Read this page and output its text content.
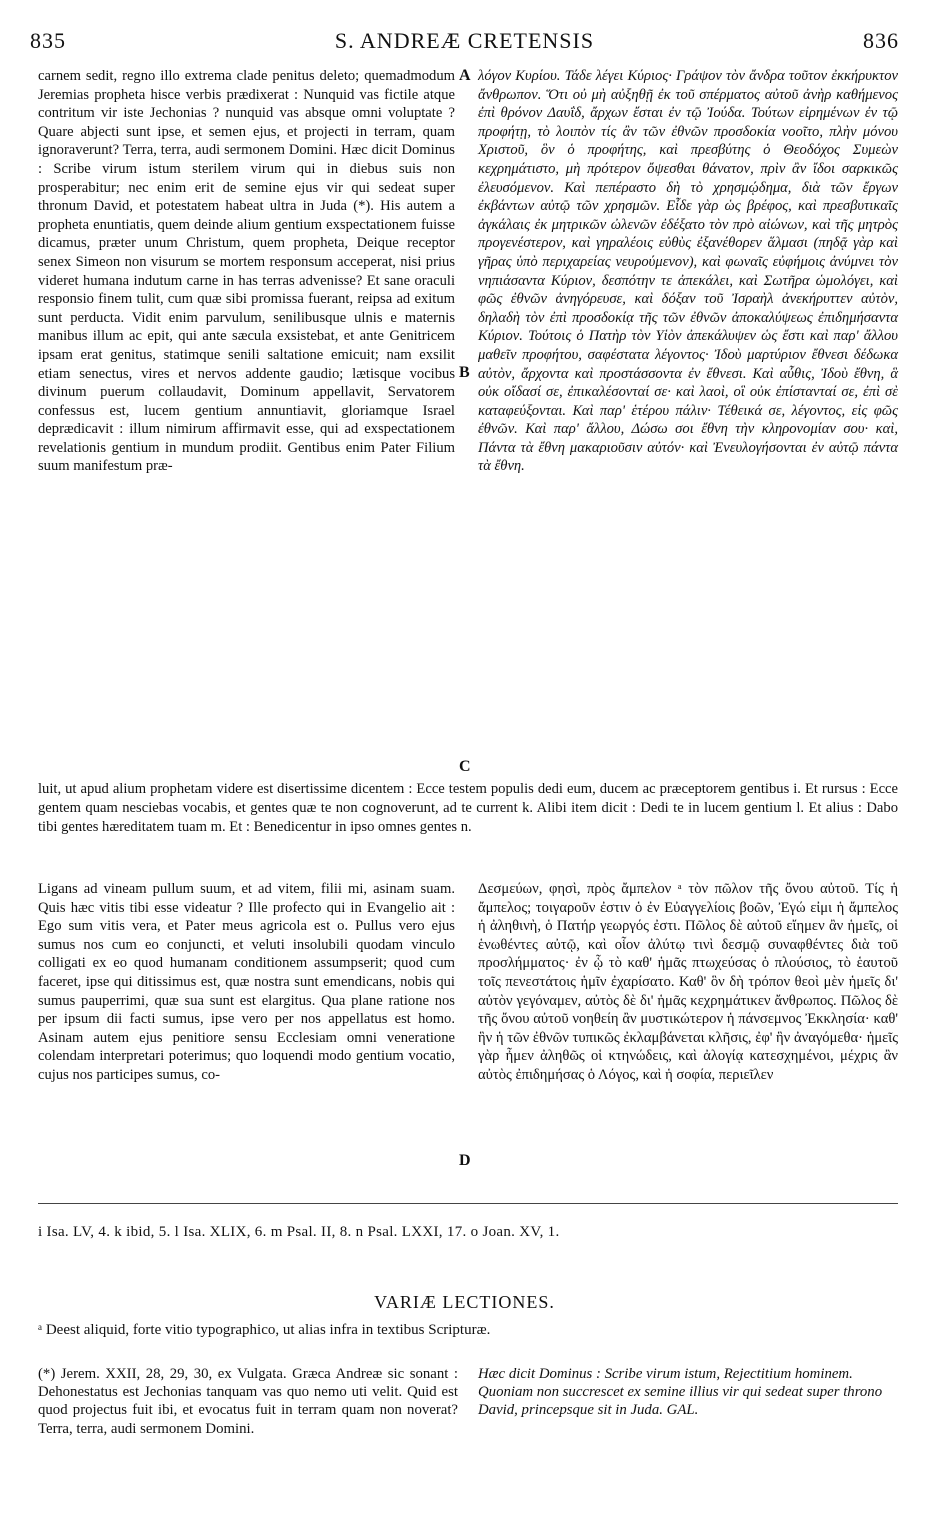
835	S. ANDREÆ CRETENSIS	836

carnem sedit, regno illo extrema clade penitus deleto; quemadmodum Jeremias propheta hisce verbis prædixerat : Nunquid vas fictile atque contritum vir iste Jechonias ? nunquid vas absque omni voluptate ? Quare abjecti sunt ipse, et semen ejus, et projecti in terram, quam ignoraverunt? Terra, terra, audi sermonem Domini. Hæc dicit Dominus : Scribe virum istum sterilem virum qui in diebus suis non prosperabitur; nec enim erit de semine ejus vir qui sedeat super thronum David, et potestatem habeat ultra in Juda (*). His autem a propheta enuntiatis, quem deinde alium gentium exspectationem fuisse dicamus, præter unum Christum, quem propheta, Deique receptor senex Simeon non visurum se mortem responsum acceperat, nisi prius videret humana indutum carne in has terras advenisse? Et sane oraculi responsio finem tulit, cum quæ sibi promissa fuerant, reipsa ad exitum sunt perducta. Vidit enim parvulum, senilibusque ulnis e maternis manibus illum ac epit, qui ante sæcula exsistebat, et ante Genitricem ipsam erat genitus, statimque senili saltatione emicuit; nam exsilit etiam senectus, vires et nervos addente gaudio; lætisque vocibus divinum puerum collaudavit, Dominum appellavit, Servatorem confessus est, lucem gentium annuntiavit, gloriamque Israel deprædicavit : illum nimirum affirmavit esse, qui ad exspectationem revelationis gentium in mundum prodiit. Gentibus enim Pater Filium suum manifestum præ-

λόγον Κυρίου. Τάδε λέγει Κύριος· Γράψον τὸν ἄνδρα τοῦτον ἐκκήρυκτον ἄνθρωπον. Ὅτι οὐ μὴ αὐξηθῇ ἐκ τοῦ σπέρματος αὐτοῦ ἀνὴρ καθήμενος ἐπὶ θρόνον Δαυΐδ, ἄρχων ἔσται ἐν τῷ Ἰούδα. Τούτων εἰρημένων ἐν τῷ προφήτῃ, τὸ λοιπὸν τίς ἂν τῶν ἐθνῶν προσδοκία νοοῖτο, πλὴν μόνου Χριστοῦ, ὃν ὁ προφήτης, καὶ πρεσβύτης ὁ Θεοδόχος Συμεὼν κεχρημάτιστο, μὴ πρότερον ὄψεσθαι θάνατον, πρὶν ἂν ἴδοι σαρκικῶς ἐλευσόμενον. Καὶ πεπέραστο δὴ τὸ χρησμῴδημα, διὰ τῶν ἔργων ἐκβάντων αὐτῷ τῶν χρησμῶν. Εἶδε γὰρ ὡς βρέφος, καὶ πρεσβυτικαῖς ἀγκάλαις ἐκ μητρικῶν ὠλενῶν ἐδέξατο τὸν πρὸ αἰώνων, καὶ τῆς μητρὸς προγενέστερον, καὶ γηραλέοις εὐθὺς ἐξανέθορεν ἅλμασι (πηδᾷ γὰρ καὶ γῆρας ὑπὸ περιχαρείας νευρούμενον), καὶ φωναῖς εὐφήμοις ἀνύμνει τὸν νηπιάσαντα Κύριον, δεσπότην τε ἀπεκάλει, καὶ Σωτῆρα ὡμολόγει, καὶ φῶς ἐθνῶν ἀνηγόρευσε, καὶ δόξαν τοῦ Ἰσραὴλ ἀνεκήρυττεν αὐτὸν, δηλαδὴ τὸν ἐπὶ προσδοκίᾳ τῆς τῶν ἐθνῶν ἀποκαλύψεως ἐπιδημήσαντα Κύριον. Τούτοις ὁ Πατὴρ τὸν Υἱὸν ἀπεκάλυψεν ὡς ἔστι καὶ παρ' ἄλλου μαθεῖν προφήτου, σαφέστατα λέγοντος· Ἰδοὺ μαρτύριον ἔθνεσι δέδωκα αὐτὸν, ἄρχοντα καὶ προστάσσοντα ἐν ἔθνεσι. Καὶ αὖθις, Ἰδοὺ ἔθνη, ἃ οὐκ οἴδασί σε, ἐπικαλέσονταί σε· καὶ λαοὶ, οἳ οὐκ ἐπίστανταί σε, ἐπὶ σὲ καταφεύξονται. Καὶ παρ' ἑτέρου πάλιν· Τέθεικά σε, λέγοντος, εἰς φῶς ἐθνῶν. Καὶ παρ' ἄλλου, Δώσω σοι ἔθνη τὴν κληρονομίαν σου· καὶ, Πάντα τὰ ἔθνη μακαριοῦσιν αὐτόν· καὶ Ἐνευλογήσονται ἐν αὐτῷ πάντα τὰ ἔθνη.

A
B
C
D
luit, ut apud alium prophetam videre est disertissime dicentem : Ecce testem populis dedi eum, ducem ac præceptorem gentibus i. Et rursus : Ecce gentem quam nesciebas vocabis, et gentes quæ te non cognoverunt, ad te current k. Alibi item dicit : Dedi te in lucem gentium l. Et alius : Dabo tibi gentes hæreditatem tuam m. Et : Benedicentur in ipso omnes gentes n.

Ligans ad vineam pullum suum, et ad vitem, filii mi, asinam suam. Quis hæc vitis tibi esse videatur ? Ille profecto qui in Evangelio ait : Ego sum vitis vera, et Pater meus agricola est o. Pullus vero ejus sumus nos cum eo conjuncti, et veluti insolubili quodam vinculo colligati ex eo quod humanam conditionem assumpserit; quod cum faceret, ipse qui ditissimus est, quæ nostra sunt emendicans, nobis qui sumus pauperrimi, quæ sua sunt est elargitus. Qua plane ratione nos per ipsum dii facti sumus, ipse vero per nos appellatus est homo. Asinam autem ejus penitiore sensu Ecclesiam omni veneratione colendam interpretari poterimus; quo loquendi modo gentium vocatio, cujus nos participes sumus, co-

Δεσμεύων, φησὶ, πρὸς ἄμπελον ᵃ τὸν πῶλον τῆς ὄνου αὐτοῦ. Τίς ἡ ἄμπελος; τοιγαροῦν ἐστιν ὁ ἐν Εὐαγγελίοις βοῶν, Ἐγώ εἰμι ἡ ἄμπελος ἡ ἀληθινὴ, ὁ Πατήρ γεωργός ἐστι. Πῶλος δὲ αὐτοῦ εἴημεν ἂν ἡμεῖς, οἱ ἑνωθέντες αὐτῷ, καὶ οἷον ἀλύτῳ τινὶ δεσμῷ συναφθέντες διὰ τοῦ προσλήμματος· ἐν ᾧ τὸ καθ' ἡμᾶς πτωχεύσας ὁ πλούσιος, τὸ ἑαυτοῦ τοῖς πενεστάτοις ἡμῖν ἐχαρίσατο. Καθ' ὃν δὴ τρόπον θεοὶ μὲν ἡμεῖς δι' αὐτὸν γεγόναμεν, αὐτὸς δὲ δι' ἡμᾶς κεχρημάτικεν ἄνθρωπος. Πῶλος δὲ τῆς ὄνου αὐτοῦ νοηθείη ἂν μυστικώτερον ἡ πάνσεμνος Ἐκκλησία· καθ' ἣν ἡ τῶν ἐθνῶν τυπικῶς ἐκλαμβάνεται κλῆσις, ἐφ' ἣν ἀναγόμεθα· ἡμεῖς γὰρ ἦμεν ἀληθῶς οἱ κτηνώδεις, καὶ ἀλογίᾳ κατεσχημένοι, μέχρις ἂν αὐτὸς ἐπιδημήσας ὁ Λόγος, καὶ ἡ σοφία, περιεῖλεν

i Isa. LV, 4. k ibid, 5. l Isa. XLIX, 6. m Psal. II, 8. n Psal. LXXI, 17. o Joan. XV, 1.
VARIÆ LECTIONES.
ᵃ Deest aliquid, forte vitio typographico, ut alias infra in textibus Scripturæ.
(*) Jerem. XXII, 28, 29, 30, ex Vulgata. Græca Andreæ sic sonant : Dehonestatus est Jechonias tanquam vas quo nemo uti velit. Quid est quod projectus fuit ibi, et evocatus fuit in terram quam non noverat? Terra, terra, audi sermonem Domini.
Hæc dicit Dominus : Scribe virum istum, Rejectitium hominem. Quoniam non succrescet ex semine illius vir qui sedeat super throno David, princepsque sit in Juda. GAL.
